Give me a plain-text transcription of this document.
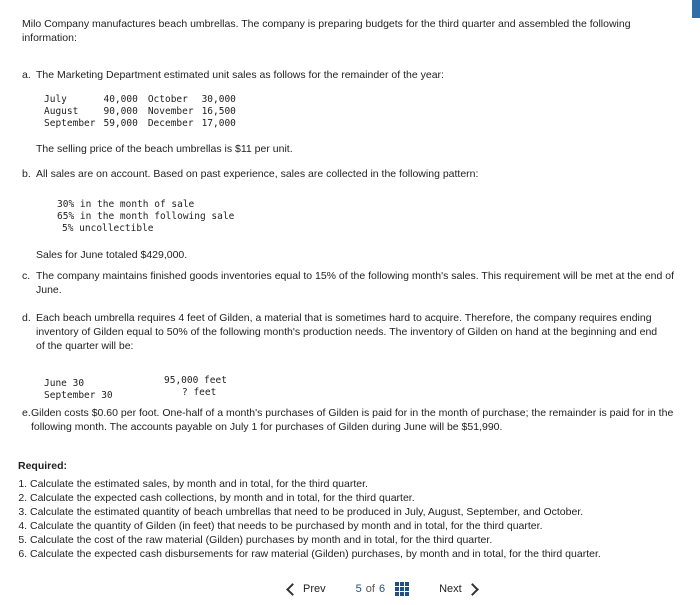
Milo Company manufactures beach umbrellas. The company is preparing budgets for the third quarter and assembled the following information:
a. The Marketing Department estimated unit sales as follows for the remainder of the year:
July	40,000	October	30,000
August	90,000	November	16,500
September	59,000	December	17,000
The selling price of the beach umbrellas is $11 per unit.
b. All sales are on account. Based on past experience, sales are collected in the following pattern:
30% in the month of sale
65% in the month following sale
5% uncollectible
Sales for June totaled $429,000.
c. The company maintains finished goods inventories equal to 15% of the following month's sales. This requirement will be met at the end of June.
d. Each beach umbrella requires 4 feet of Gilden, a material that is sometimes hard to acquire. Therefore, the company requires ending inventory of Gilden equal to 50% of the following month's production needs. The inventory of Gilden on hand at the beginning and end of the quarter will be:
June 30	95,000 feet
September 30	? feet
e. Gilden costs $0.60 per foot. One-half of a month's purchases of Gilden is paid for in the month of purchase; the remainder is paid for in the following month. The accounts payable on July 1 for purchases of Gilden during June will be $51,990.
Required:
1. Calculate the estimated sales, by month and in total, for the third quarter.
2. Calculate the expected cash collections, by month and in total, for the third quarter.
3. Calculate the estimated quantity of beach umbrellas that need to be produced in July, August, September, and October.
4. Calculate the quantity of Gilden (in feet) that needs to be purchased by month and in total, for the third quarter.
5. Calculate the cost of the raw material (Gilden) purchases by month and in total, for the third quarter.
6. Calculate the expected cash disbursements for raw material (Gilden) purchases, by month and in total, for the third quarter.
Prev	5 of 6	Next
